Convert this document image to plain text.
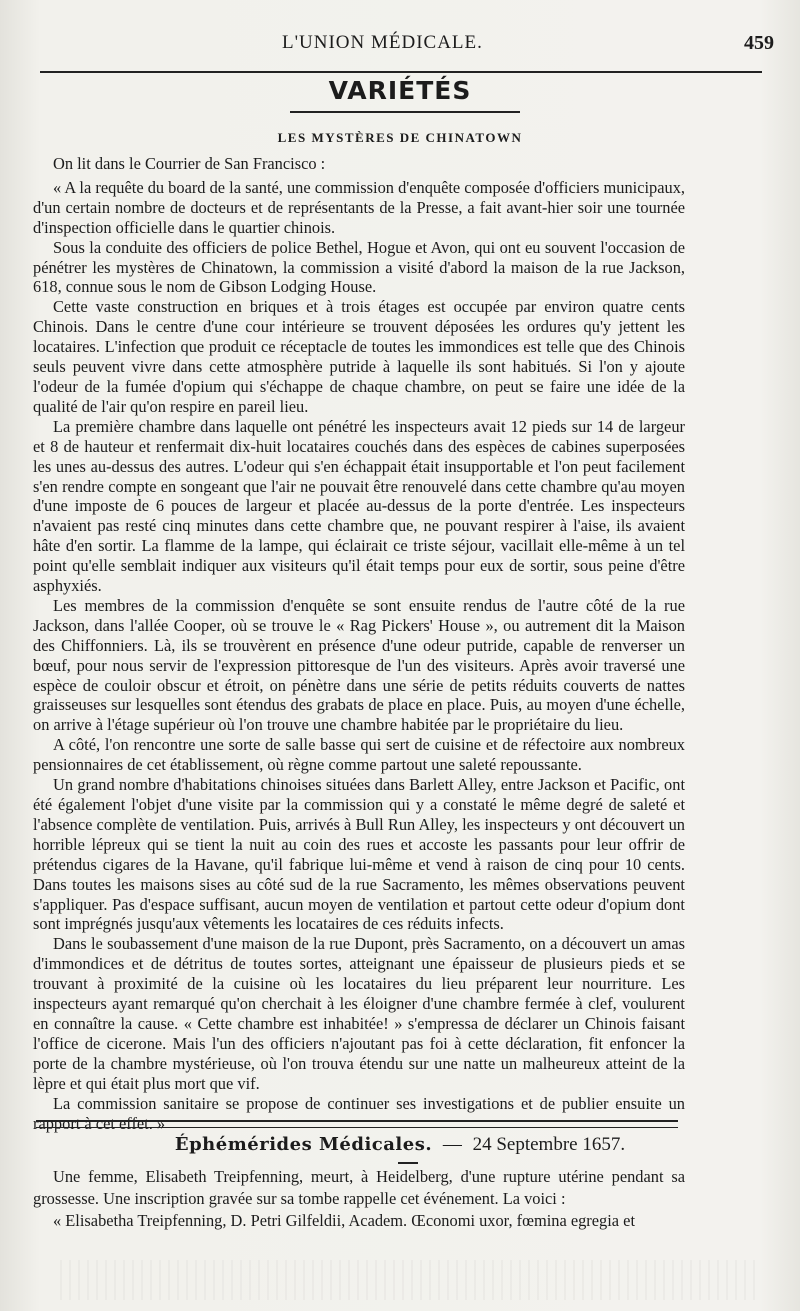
L'UNION MÉDICALE.	459
VARIÉTÉS
LES MYSTÈRES DE CHINATOWN

On lit dans le Courrier de San Francisco :

« A la requête du board de la santé, une commission d'enquête composée d'officiers municipaux, d'un certain nombre de docteurs et de représentants de la Presse, a fait avant-hier soir une tournée d'inspection officielle dans le quartier chinois.

Sous la conduite des officiers de police Bethel, Hogue et Avon, qui ont eu souvent l'occasion de pénétrer les mystères de Chinatown, la commission a visité d'abord la maison de la rue Jackson, 618, connue sous le nom de Gibson Lodging House.

Cette vaste construction en briques et à trois étages est occupée par environ quatre cents Chinois. Dans le centre d'une cour intérieure se trouvent déposées les ordures qu'y jettent les locataires. L'infection que produit ce réceptacle de toutes les immondices est telle que des Chinois seuls peuvent vivre dans cette atmosphère putride à laquelle ils sont habitués. Si l'on y ajoute l'odeur de la fumée d'opium qui s'échappe de chaque chambre, on peut se faire une idée de la qualité de l'air qu'on respire en pareil lieu.

La première chambre dans laquelle ont pénétré les inspecteurs avait 12 pieds sur 14 de largeur et 8 de hauteur et renfermait dix-huit locataires couchés dans des espèces de cabines superposées les unes au-dessus des autres. L'odeur qui s'en échappait était insupportable et l'on peut facilement s'en rendre compte en songeant que l'air ne pouvait être renouvelé dans cette chambre qu'au moyen d'une imposte de 6 pouces de largeur et placée au-dessus de la porte d'entrée. Les inspecteurs n'avaient pas resté cinq minutes dans cette chambre que, ne pouvant respirer à l'aise, ils avaient hâte d'en sortir. La flamme de la lampe, qui éclairait ce triste séjour, vacillait elle-même à un tel point qu'elle semblait indiquer aux visiteurs qu'il était temps pour eux de sortir, sous peine d'être asphyxiés.

Les membres de la commission d'enquête se sont ensuite rendus de l'autre côté de la rue Jackson, dans l'allée Cooper, où se trouve le « Rag Pickers' House », ou autrement dit la Maison des Chiffonniers. Là, ils se trouvèrent en présence d'une odeur putride, capable de renverser un bœuf, pour nous servir de l'expression pittoresque de l'un des visiteurs. Après avoir traversé une espèce de couloir obscur et étroit, on pénètre dans une série de petits réduits couverts de nattes graisseuses sur lesquelles sont étendus des grabats de place en place. Puis, au moyen d'une échelle, on arrive à l'étage supérieur où l'on trouve une chambre habitée par le propriétaire du lieu.

A côté, l'on rencontre une sorte de salle basse qui sert de cuisine et de réfectoire aux nombreux pensionnaires de cet établissement, où règne comme partout une saleté repoussante.

Un grand nombre d'habitations chinoises situées dans Barlett Alley, entre Jackson et Pacific, ont été également l'objet d'une visite par la commission qui y a constaté le même degré de saleté et l'absence complète de ventilation. Puis, arrivés à Bull Run Alley, les inspecteurs y ont découvert un horrible lépreux qui se tient la nuit au coin des rues et accoste les passants pour leur offrir de prétendus cigares de la Havane, qu'il fabrique lui-même et vend à raison de cinq pour 10 cents. Dans toutes les maisons sises au côté sud de la rue Sacramento, les mêmes observations peuvent s'appliquer. Pas d'espace suffisant, aucun moyen de ventilation et partout cette odeur d'opium dont sont imprégnés jusqu'aux vêtements les locataires de ces réduits infects.

Dans le soubassement d'une maison de la rue Dupont, près Sacramento, on a découvert un amas d'immondices et de détritus de toutes sortes, atteignant une épaisseur de plusieurs pieds et se trouvant à proximité de la cuisine où les locataires du lieu préparent leur nourriture. Les inspecteurs ayant remarqué qu'on cherchait à les éloigner d'une chambre fermée à clef, voulurent en connaître la cause. « Cette chambre est inhabitée! » s'empressa de déclarer un Chinois faisant l'office de cicerone. Mais l'un des officiers n'ajoutant pas foi à cette déclaration, fit enfoncer la porte de la chambre mystérieuse, où l'on trouva étendu sur une natte un malheureux atteint de la lèpre et qui était plus mort que vif.

La commission sanitaire se propose de continuer ses investigations et de publier ensuite un rapport à cet effet. »

Éphémérides Médicales. — 24 Septembre 1657.

Une femme, Elisabeth Treipfenning, meurt, à Heidelberg, d'une rupture utérine pendant sa grossesse. Une inscription gravée sur sa tombe rappelle cet événement. La voici :

« Elisabetha Treipfenning, D. Petri Gilfeldii, Academ. Œconomi uxor, fœmina egregia et
